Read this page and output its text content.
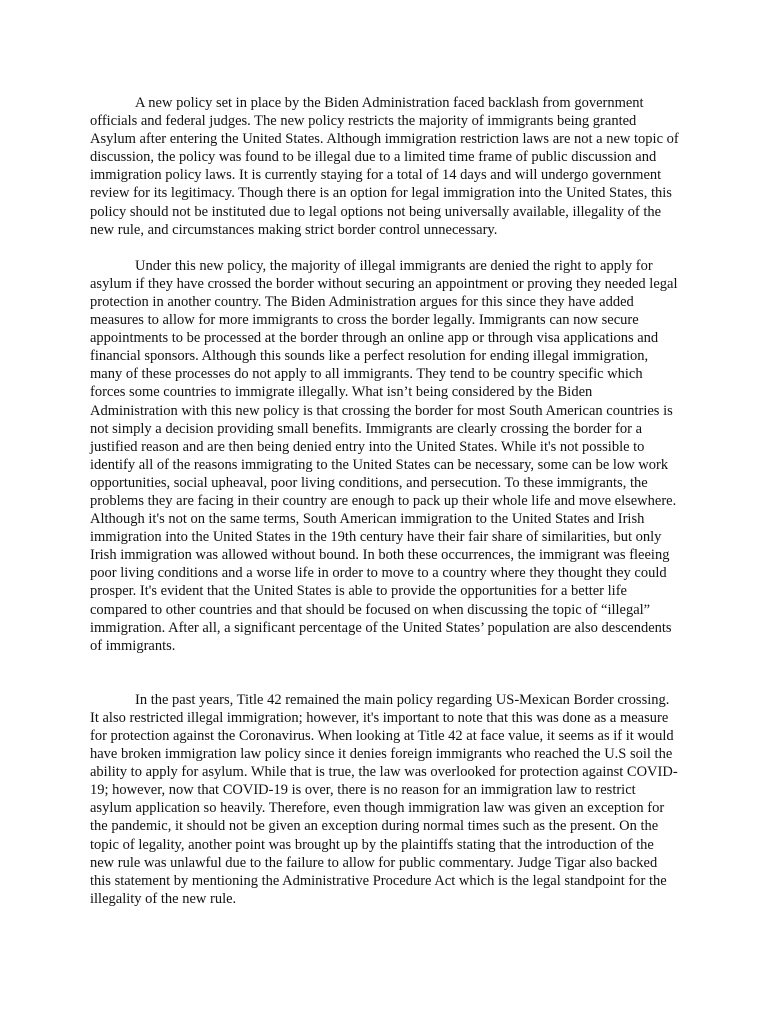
A new policy set in place by the Biden Administration faced backlash from government officials and federal judges. The new policy restricts the majority of immigrants being granted Asylum after entering the United States. Although immigration restriction laws are not a new topic of discussion, the policy was found to be illegal due to a limited time frame of public discussion and immigration policy laws. It is currently staying for a total of 14 days and will undergo government review for its legitimacy. Though there is an option for legal immigration into the United States, this policy should not be instituted due to legal options not being universally available, illegality of the new rule, and circumstances making strict border control unnecessary.

Under this new policy, the majority of illegal immigrants are denied the right to apply for asylum if they have crossed the border without securing an appointment or proving they needed legal protection in another country. The Biden Administration argues for this since they have added measures to allow for more immigrants to cross the border legally. Immigrants can now secure appointments to be processed at the border through an online app or through visa applications and financial sponsors. Although this sounds like a perfect resolution for ending illegal immigration, many of these processes do not apply to all immigrants. They tend to be country specific which forces some countries to immigrate illegally. What isn’t being considered by the Biden Administration with this new policy is that crossing the border for most South American countries is not simply a decision providing small benefits. Immigrants are clearly crossing the border for a justified reason and are then being denied entry into the United States. While it's not possible to identify all of the reasons immigrating to the United States can be necessary, some can be low work opportunities, social upheaval, poor living conditions, and persecution. To these immigrants, the problems they are facing in their country are enough to pack up their whole life and move elsewhere. Although it's not on the same terms, South American immigration to the United States and Irish immigration into the United States in the 19th century have their fair share of similarities, but only Irish immigration was allowed without bound. In both these occurrences, the immigrant was fleeing poor living conditions and a worse life in order to move to a country where they thought they could prosper. It's evident that the United States is able to provide the opportunities for a better life compared to other countries and that should be focused on when discussing the topic of “illegal” immigration. After all, a significant percentage of the United States’ population are also descendents of immigrants.

In the past years, Title 42 remained the main policy regarding US-Mexican Border crossing. It also restricted illegal immigration; however, it's important to note that this was done as a measure for protection against the Coronavirus. When looking at Title 42 at face value, it seems as if it would have broken immigration law policy since it denies foreign immigrants who reached the U.S soil the ability to apply for asylum. While that is true, the law was overlooked for protection against COVID-19; however, now that COVID-19 is over, there is no reason for an immigration law to restrict asylum application so heavily. Therefore, even though immigration law was given an exception for the pandemic, it should not be given an exception during normal times such as the present. On the topic of legality, another point was brought up by the plaintiffs stating that the introduction of the new rule was unlawful due to the failure to allow for public commentary. Judge Tigar also backed this statement by mentioning the Administrative Procedure Act which is the legal standpoint for the illegality of the new rule.
